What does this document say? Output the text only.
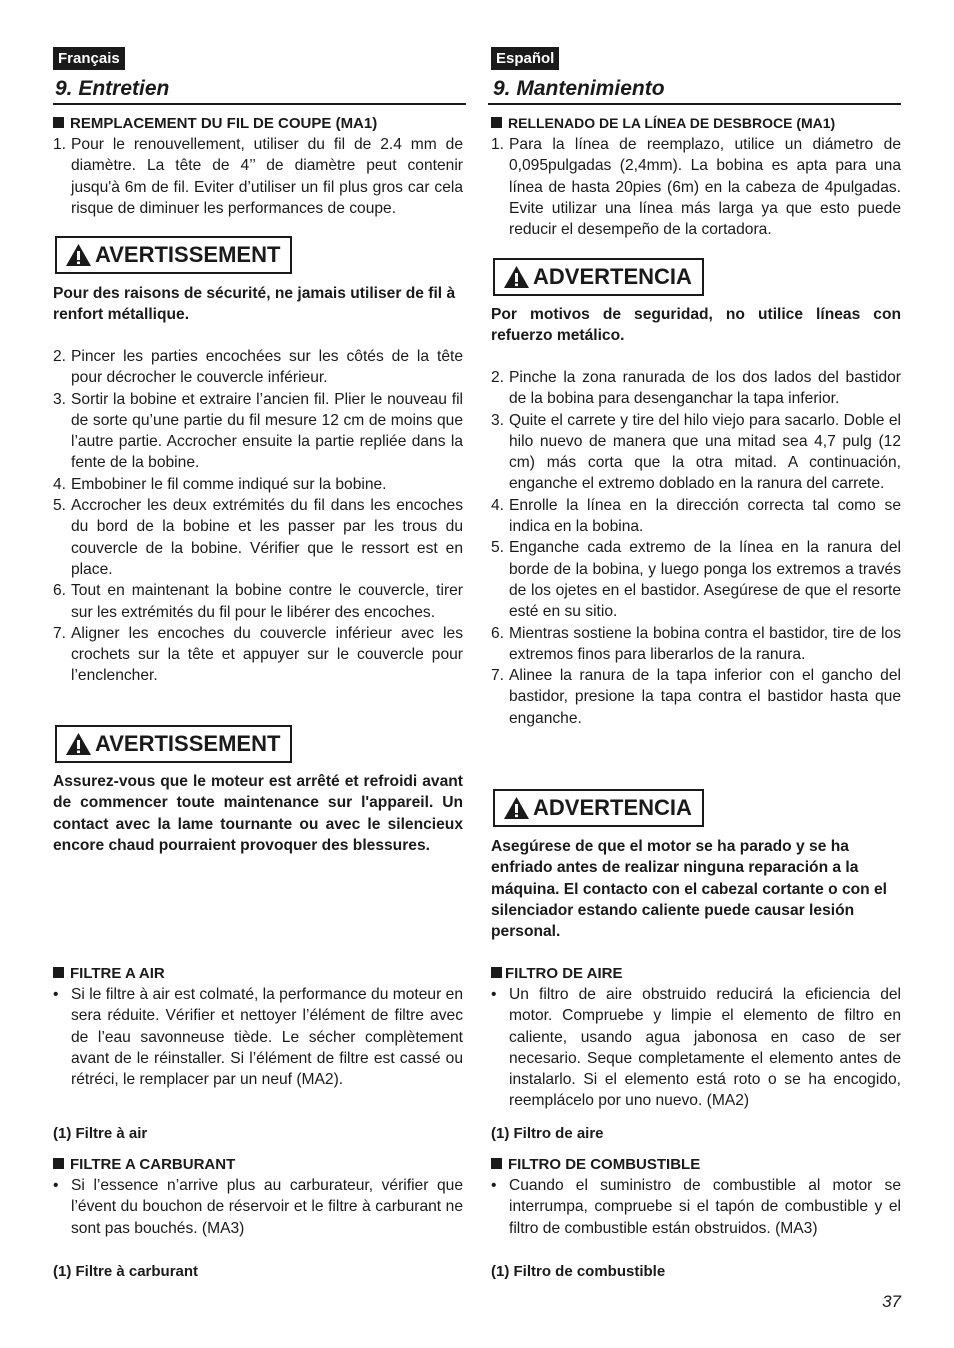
Français
9. Entretien
REMPLACEMENT DU FIL DE COUPE (MA1)
1. Pour le renouvellement, utiliser du fil de 2.4 mm de diamètre. La tête de 4’’ de diamètre peut contenir jusqu'à 6m de fil. Eviter d’utiliser un fil plus gros car cela risque de diminuer les performances de coupe.
AVERTISSEMENT
Pour des raisons de sécurité, ne jamais utiliser de fil à renfort métallique.
2. Pincer les parties encochées sur les côtés de la tête pour décrocher le couvercle inférieur.
3. Sortir la bobine et extraire l’ancien fil. Plier le nouveau fil de sorte qu’une partie du fil mesure 12 cm de moins que l’autre partie. Accrocher ensuite la partie repliée dans la fente de la bobine.
4. Embobiner le fil comme indiqué sur la bobine.
5. Accrocher les deux extrémités du fil dans les encoches du bord de la bobine et les passer par les trous du couvercle de la bobine. Vérifier que le ressort est en place.
6. Tout en maintenant la bobine contre le couvercle, tirer sur les extrémités du fil pour le libérer des encoches.
7. Aligner les encoches du couvercle inférieur avec les crochets sur la tête et appuyer sur le couvercle pour l’enclencher.
AVERTISSEMENT
Assurez-vous que le moteur est arrêté et refroidi avant de commencer toute maintenance sur l'appareil. Un contact avec la lame tournante ou avec le silencieux encore chaud pourraient provoquer des blessures.
FILTRE A AIR
• Si le filtre à air est colmaté, la performance du moteur en sera réduite. Vérifier et nettoyer l’élément de filtre avec de l’eau savonneuse tiède. Le sécher complètement avant de le réinstaller. Si l’élément de filtre est cassé ou rétréci, le remplacer par un neuf (MA2).
(1) Filtre à air
FILTRE A CARBURANT
• Si l’essence n’arrive plus au carburateur, vérifier que l’évent du bouchon de réservoir et le filtre à carburant ne sont pas bouchés. (MA3)
(1) Filtre à carburant
Español
9. Mantenimiento
RELLENADO DE LA LÍNEA DE DESBROCE (MA1)
1. Para la línea de reemplazo, utilice un diámetro de 0,095pulgadas (2,4mm). La bobina es apta para una línea de hasta 20pies (6m) en la cabeza de 4pulgadas. Evite utilizar una línea más larga ya que esto puede reducir el desempeño de la cortadora.
ADVERTENCIA
Por motivos de seguridad, no utilice líneas con refuerzo metálico.
2. Pinche la zona ranurada de los dos lados del bastidor de la bobina para desenganchar la tapa inferior.
3. Quite el carrete y tire del hilo viejo para sacarlo. Doble el hilo nuevo de manera que una mitad sea 4,7 pulg (12 cm) más corta que la otra mitad. A continuación, enganche el extremo doblado en la ranura del carrete.
4. Enrolle la línea en la dirección correcta tal como se indica en la bobina.
5. Enganche cada extremo de la línea en la ranura del borde de la bobina, y luego ponga los extremos a través de los ojetes en el bastidor. Asegúrese de que el resorte esté en su sitio.
6. Mientras sostiene la bobina contra el bastidor, tire de los extremos finos para liberarlos de la ranura.
7. Alinee la ranura de la tapa inferior con el gancho del bastidor, presione la tapa contra el bastidor hasta que enganche.
ADVERTENCIA
Asegúrese de que el motor se ha parado y se ha enfriado antes de realizar ninguna reparación a la máquina. El contacto con el cabezal cortante o con el silenciador estando caliente puede causar lesión personal.
FILTRO DE AIRE
• Un filtro de aire obstruido reducirá la eficiencia del motor. Compruebe y limpie el elemento de filtro en caliente, usando agua jabonosa en caso de ser necesario. Seque completamente el elemento antes de instalarlo. Si el elemento está roto o se ha encogido, reemplácelo por uno nuevo. (MA2)
(1) Filtro de aire
FILTRO DE COMBUSTIBLE
• Cuando el suministro de combustible al motor se interrumpa, compruebe si el tapón de combustible y el filtro de combustible están obstruidos. (MA3)
(1) Filtro de combustible
37
